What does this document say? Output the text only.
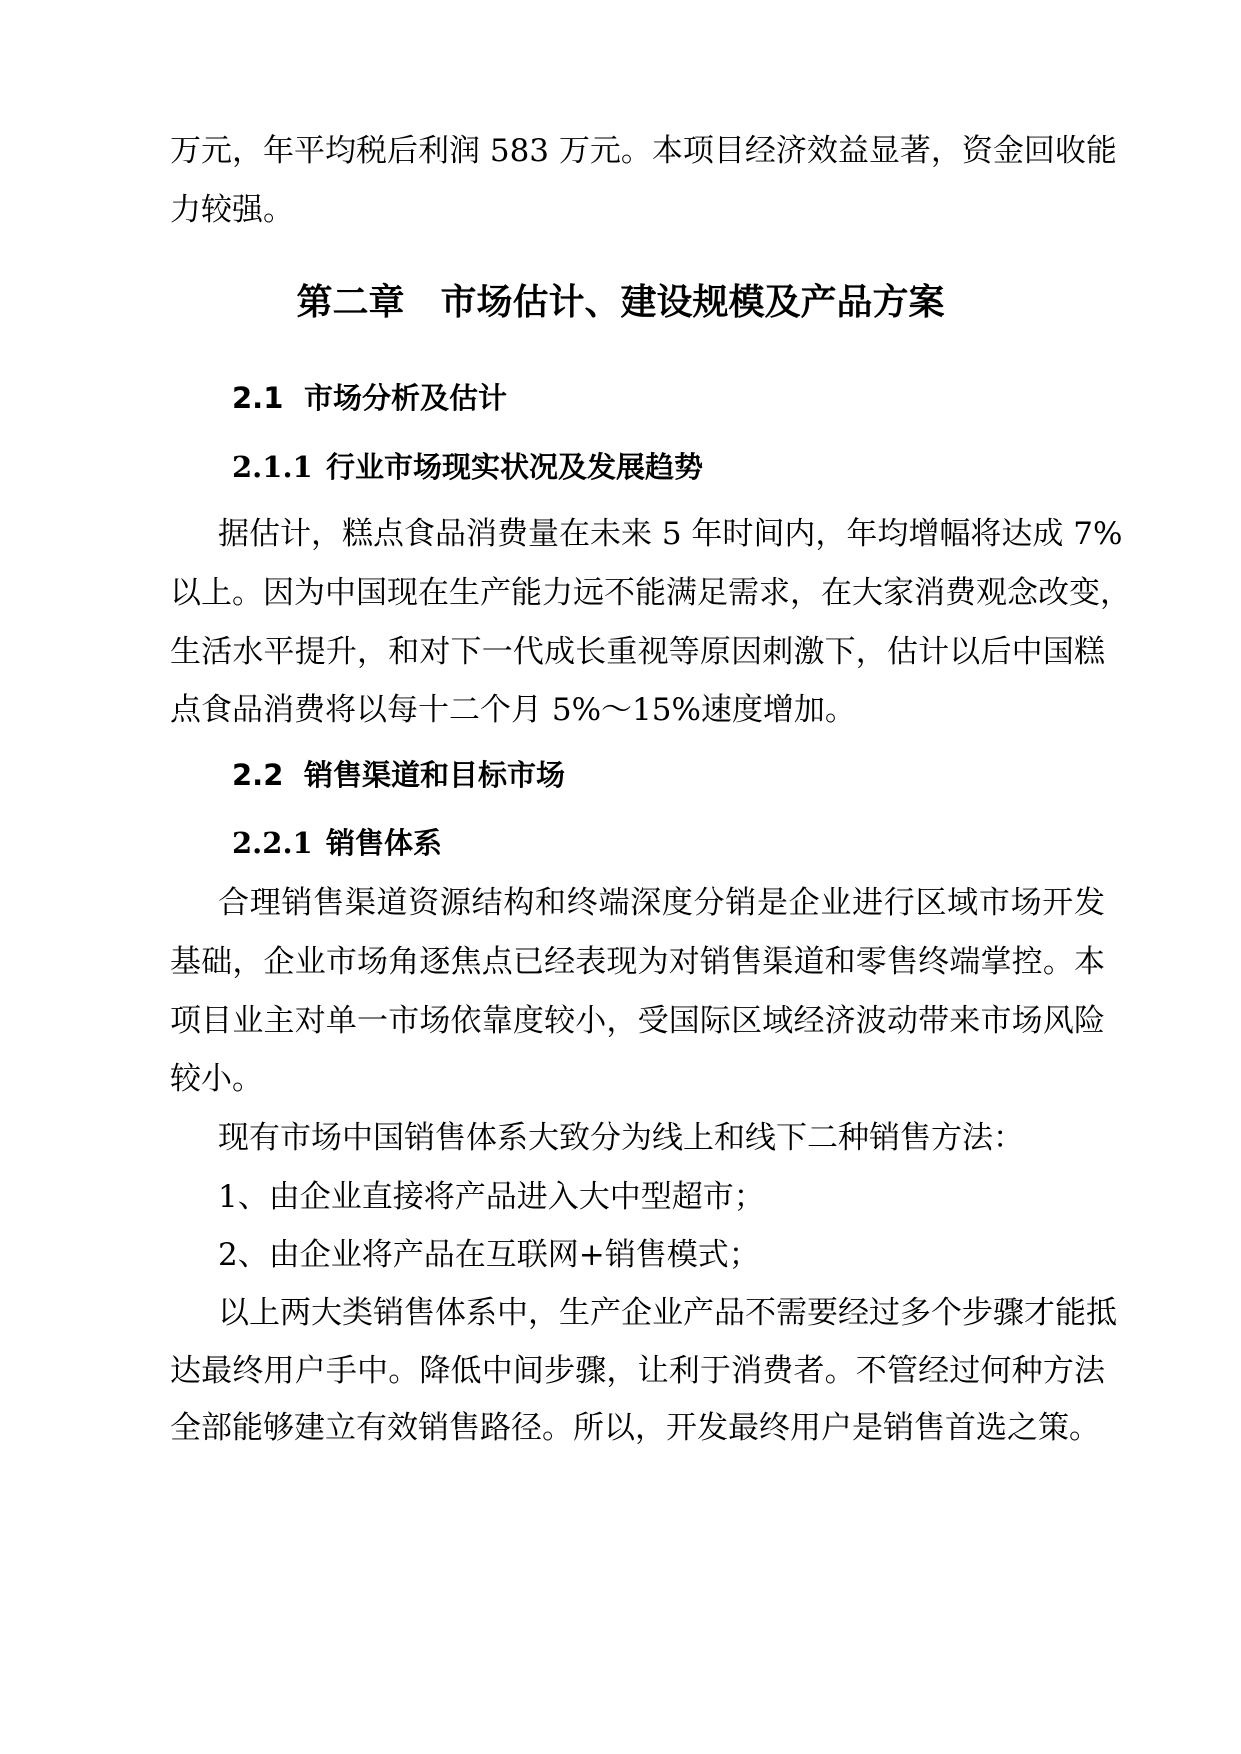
万元，年平均税后利润 583 万元。本项目经济效益显著，资金回收能
力较强。
第二章　市场估计、建设规模及产品方案
2.1 市场分析及估计
2.1.1 行业市场现实状况及发展趋势
据估计，糕点食品消费量在未来 5 年时间内，年均增幅将达成 7%
以上。因为中国现在生产能力远不能满足需求，在大家消费观念改变，
生活水平提升，和对下一代成长重视等原因刺激下，估计以后中国糕
点食品消费将以每十二个月 5%～15%速度增加。
2.2 销售渠道和目标市场
2.2.1 销售体系
合理销售渠道资源结构和终端深度分销是企业进行区域市场开发
基础，企业市场角逐焦点已经表现为对销售渠道和零售终端掌控。本
项目业主对单一市场依靠度较小，受国际区域经济波动带来市场风险
较小。
现有市场中国销售体系大致分为线上和线下二种销售方法：
1、由企业直接将产品进入大中型超市；
2、由企业将产品在互联网+销售模式；
以上两大类销售体系中，生产企业产品不需要经过多个步骤才能抵
达最终用户手中。降低中间步骤，让利于消费者。不管经过何种方法
全部能够建立有效销售路径。所以，开发最终用户是销售首选之策。
